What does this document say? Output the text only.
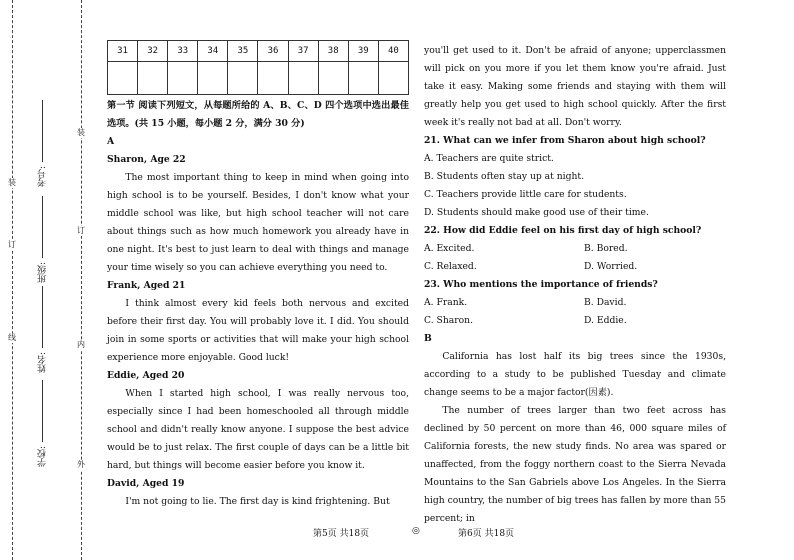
装
订
线
装
订
内
外
学校:
姓名:
班级:
考号:
31	32	33	34	35	36	37	38	39	40

第一节 阅读下列短文，从每题所给的 A、B、C、D 四个选项中选出最佳选项。(共 15 小题，每小题 2 分，满分 30 分)

A

Sharon, Age 22

The most important thing to keep in mind when going into high school is to be yourself. Besides, I don't know what your middle school was like, but high school teacher will not care about things such as how much homework you already have in one night. It's best to just learn to deal with things and manage your time wisely so you can achieve everything you need to.

Frank, Aged 21

I think almost every kid feels both nervous and excited before their first day. You will probably love it. I did. You should join in some sports or activities that will make your high school experience more enjoyable. Good luck!

Eddie, Aged 20

When I started high school, I was really nervous too, especially since I had been homeschooled all through middle school and didn't really know anyone. I suppose the best advice would be to just relax. The first couple of days can be a little bit hard, but things will become easier before you know it.

David, Aged 19

I'm not going to lie. The first day is kind frightening. But

you'll get used to it. Don't be afraid of anyone; upperclassmen will pick on you more if you let them know you're afraid. Just take it easy. Making some friends and staying with them will greatly help you get used to high school quickly. After the first week it's really not bad at all. Don't worry.

21. What can we infer from Sharon about high school?

A. Teachers are quite strict.

B. Students often stay up at night.

C. Teachers provide little care for students.

D. Students should make good use of their time.

22. How did Eddie feel on his first day of high school?

A. Excited.	B. Bored.
C. Relaxed.	D. Worried.

23. Who mentions the importance of friends?

A. Frank.	B. David.
C. Sharon.	D. Eddie.

B

California has lost half its big trees since the 1930s, according to a study to be published Tuesday and climate change seems to be a major factor(因素).

The number of trees larger than two feet across has declined by 50 percent on more than 46, 000 square miles of California forests, the new study finds. No area was spared or unaffected, from the foggy northern coast to the Sierra Nevada Mountains to the San Gabriels above Los Angeles. In the Sierra high country, the number of big trees has fallen by more than 55 percent; in

第5页 共18页	◎	第6页 共18页
